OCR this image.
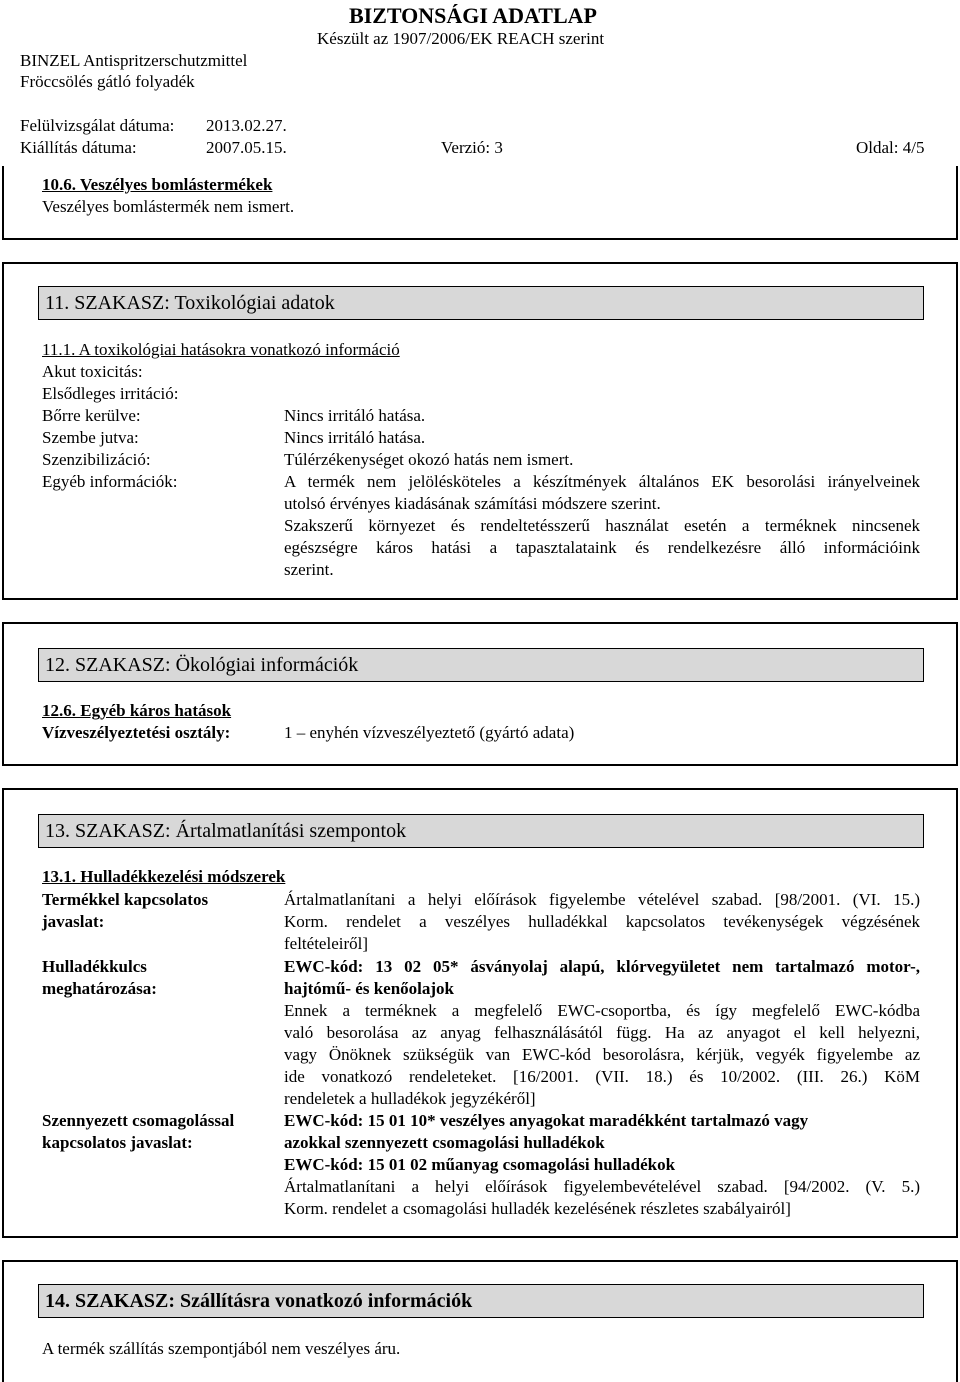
BIZTONSÁGI ADATLAP
Készült az 1907/2006/EK REACH szerint
BINZEL Antispritzerschutzmittel
Fröccsölés gátló folyadék
Felülvizsgálat dátuma: 2013.02.27.
Kiállítás dátuma:	2007.05.15.	Verzió: 3	Oldal: 4/5
10.6. Veszélyes bomlástermékek
Veszélyes bomlástermék nem ismert.
11. SZAKASZ: Toxikológiai adatok
11.1. A toxikológiai hatásokra vonatkozó információ
Akut toxicitás:
Elsődleges irritáció:
Bőrre kerülve:	Nincs irritáló hatása.
Szembe jutva:	Nincs irritáló hatása.
Szenzibilizáció:	Túlérzékenységet okozó hatás nem ismert.
Egyéb információk:	A termék nem jelölésköteles a készítmények általános EK besorolási irányelveinek
utolsó érvényes kiadásának számítási módszere szerint.
Szakszerű környezet és rendeltetésszerű használat esetén a terméknek nincsenek
egészségre káros hatási a tapasztalataink és rendelkezésre álló információink
szerint.
12. SZAKASZ: Ökológiai információk
12.6. Egyéb káros hatások
Vízveszélyeztetési osztály:	1 – enyhén vízveszélyeztető (gyártó adata)
13. SZAKASZ: Ártalmatlanítási szempontok
13.1. Hulladékkezelési módszerek
Termékkel kapcsolatos
javaslat:
Ártalmatlanítani a helyi előírások figyelembe vételével szabad. [98/2001. (VI. 15.)
Korm. rendelet a veszélyes hulladékkal kapcsolatos tevékenységek végzésének
feltételeiről]
Hulladékkulcs
meghatározása:
EWC-kód: 13 02 05* ásványolaj alapú, klórvegyületet nem tartalmazó motor-,
hajtómű- és kenőolajok
Ennek a terméknek a megfelelő EWC-csoportba, és így megfelelő EWC-kódba
való besorolása az anyag felhasználásától függ. Ha az anyagot el kell helyezni,
vagy Önöknek szükségük van EWC-kód besorolásra, kérjük, vegyék figyelembe az
ide vonatkozó rendeleteket. [16/2001. (VII. 18.) és 10/2002. (III. 26.) KöM
rendeletek a hulladékok jegyzékéről]
Szennyezett csomagolással
kapcsolatos javaslat:
EWC-kód: 15 01 10* veszélyes anyagokat maradékként tartalmazó vagy
azokkal szennyezett csomagolási hulladékok
EWC-kód: 15 01 02 műanyag csomagolási hulladékok
Ártalmatlanítani a helyi előírások figyelembevételével szabad. [94/2002. (V. 5.)
Korm. rendelet a csomagolási hulladék kezelésének részletes szabályairól]
14. SZAKASZ: Szállításra vonatkozó információk
A termék szállítás szempontjából nem veszélyes áru.
